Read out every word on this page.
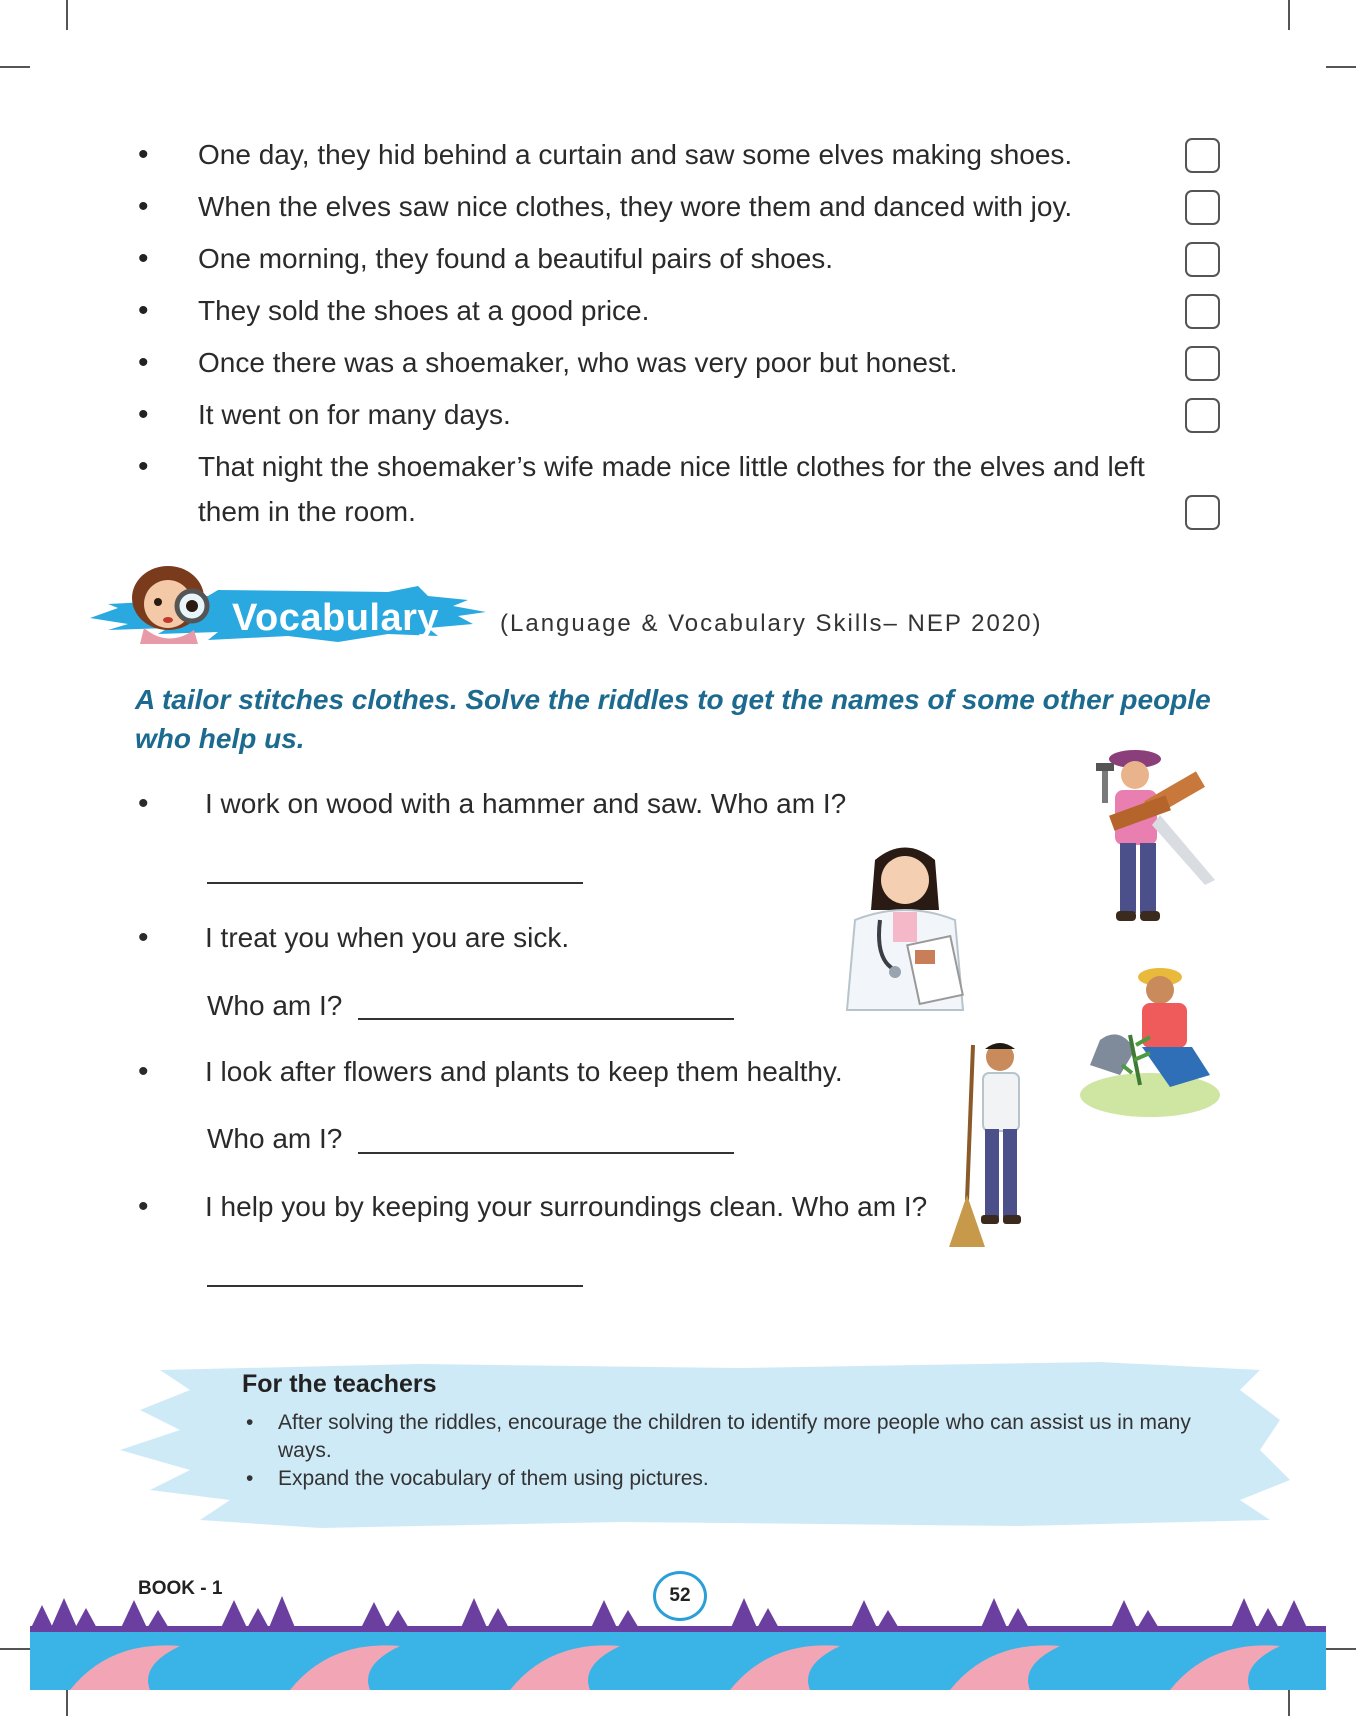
• One day, they hid behind a curtain and saw some elves making shoes.
• When the elves saw nice clothes, they wore them and danced with joy.
• One morning, they found a beautiful pairs of shoes.
• They sold the shoes at a good price.
• Once there was a shoemaker, who was very poor but honest.
• It went on for many days.
• That night the shoemaker’s wife made nice little clothes for the elves and left them in the room.
Vocabulary	(Language & Vocabulary Skills– NEP 2020)
A tailor stitches clothes. Solve the riddles to get the names of some other people who help us.
• I work on wood with a hammer and saw. Who am I?
• I treat you when you are sick.
Who am I?
• I look after flowers and plants to keep them healthy.
Who am I?
• I help you by keeping your surroundings clean. Who am I?
For the teachers
• After solving the riddles, encourage the children to identify more people who can assist us in many ways.
• Expand the vocabulary of them using pictures.
BOOK - 1	52
